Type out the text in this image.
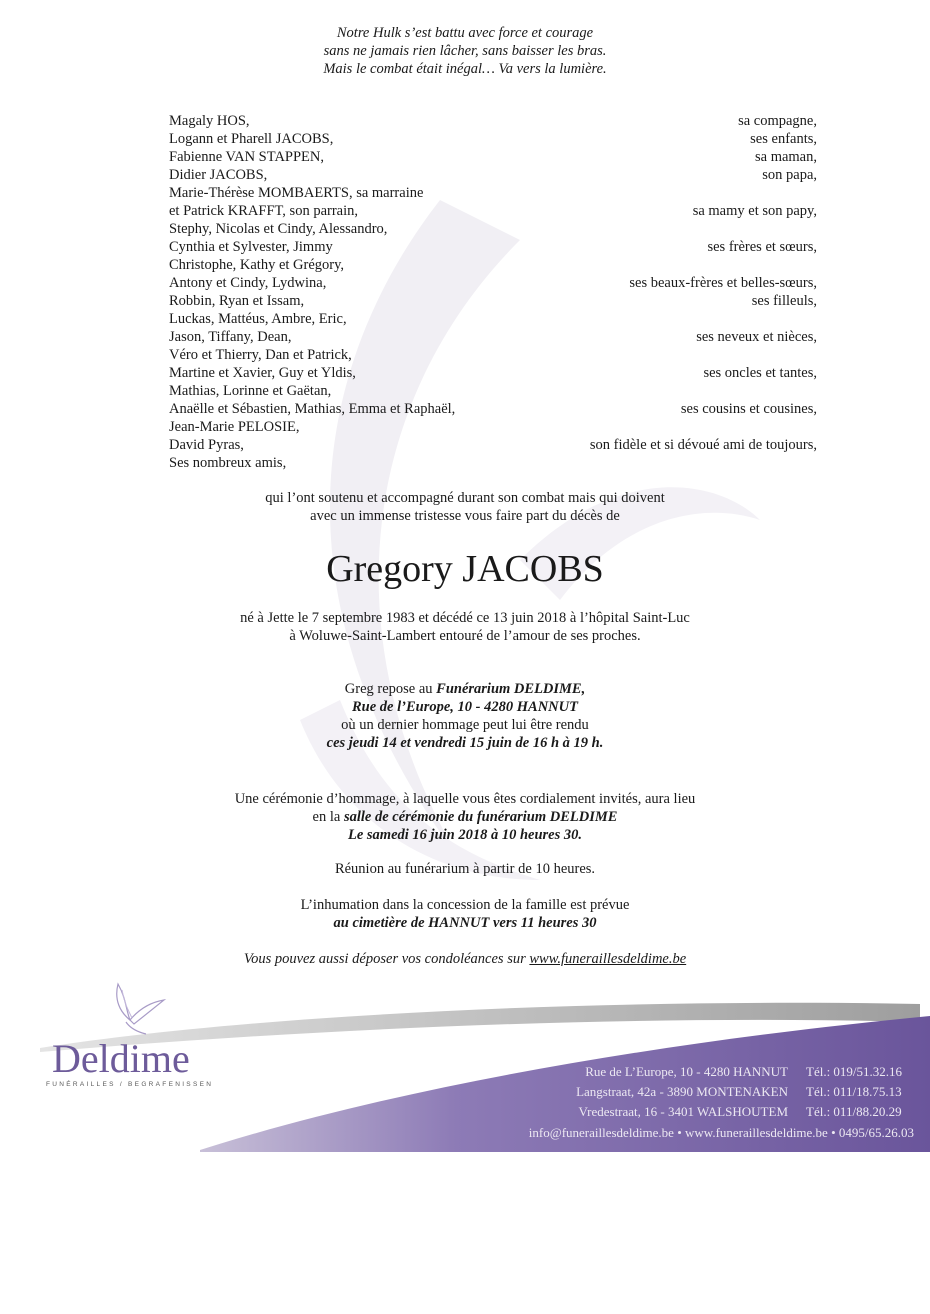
Notre Hulk s’est battu avec force et courage
sans ne jamais rien lâcher, sans baisser les bras.
Mais le combat était inégal… Va vers la lumière.
Magaly HOS,	sa compagne,
Logann et Pharell JACOBS,	ses enfants,
Fabienne VAN STAPPEN,	sa maman,
Didier JACOBS,	son papa,
Marie-Thérèse MOMBAERTS, sa marraine
et Patrick KRAFFT, son parrain,	sa mamy et son papy,
Stephy, Nicolas et Cindy, Alessandro,
Cynthia et Sylvester, Jimmy	ses frères et sœurs,
Christophe, Kathy et Grégory,
Antony et Cindy, Lydwina,	ses beaux-frères et belles-sœurs,
Robbin, Ryan et Issam,	ses filleuls,
Luckas, Mattéus, Ambre, Eric,
Jason, Tiffany, Dean,	ses neveux et nièces,
Véro et Thierry, Dan et Patrick,
Martine et Xavier, Guy et Yldis,	ses oncles et tantes,
Mathias, Lorinne et Gaëtan,
Anaëlle et Sébastien, Mathias, Emma et Raphaël,	ses cousins et cousines,
Jean-Marie PELOSIE,
David Pyras,	son fidèle et si dévoué ami de toujours,
Ses nombreux amis,
qui l’ont soutenu et accompagné durant son combat mais qui doivent
avec un immense tristesse vous faire part du décès de
Gregory JACOBS
né à Jette le 7 septembre 1983 et décédé ce 13 juin 2018 à l’hôpital Saint-Luc
à Woluwe-Saint-Lambert entouré de l’amour de ses proches.
Greg repose au Funérarium DELDIME,
Rue de l’Europe, 10 - 4280 HANNUT
où un dernier hommage peut lui être rendu
ces jeudi 14 et vendredi 15 juin de 16 h à 19 h.
Une cérémonie d’hommage, à laquelle vous êtes cordialement invités, aura lieu
en la salle de cérémonie du funérarium DELDIME
Le samedi 16 juin 2018 à 10 heures 30.
Réunion au funérarium à partir de 10 heures.
L’inhumation dans la concession de la famille est prévue
au cimetière de HANNUT vers 11 heures 30
Vous pouvez aussi déposer vos condoléances sur www.funeraillesdeldime.be
Deldime
FUNÉRAILLES / BEGRAFENISSEN
Rue de L’Europe, 10 - 4280 HANNUT Tél.: 019/51.32.16
Langstraat, 42a - 3890 MONTENAKEN Tél.: 011/18.75.13
Vredestraat, 16 - 3401 WALSHOUTEM Tél.: 011/88.20.29
info@funeraillesdeldime.be • www.funeraillesdeldime.be • 0495/65.26.03
